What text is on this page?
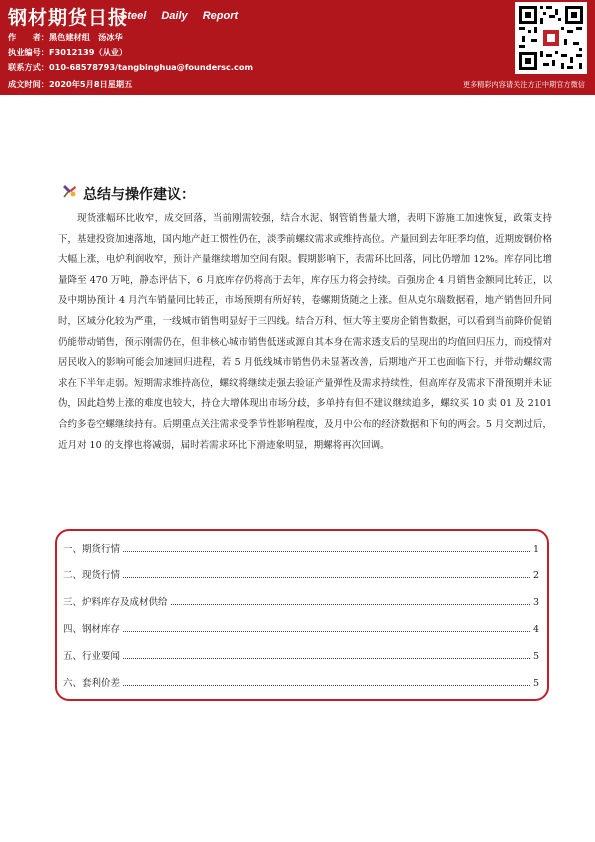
钢材期货日报
Steel Daily Report
作　　者：黑色建材组　汤冰华
执业编号：F3012139（从业）
联系方式：010-68578793/tangbinghua@foundersc.com
成文时间：2020年5月8日星期五	更多精彩内容请关注方正中期官方微信
总结与操作建议：

现货涨幅环比收窄，成交回落，当前刚需较强，结合水泥、钢管销售量大增，表明下游施工加速恢复，政策支持下，基建投资加速落地，国内地产赶工惯性仍在，淡季前螺纹需求或维持高位。产量回到去年旺季均值，近期废钢价格大幅上涨，电炉利润收窄，预计产量继续增加空间有限。假期影响下，表需环比回落，同比仍增加 12%。库存同比增量降至 470 万吨，静态评估下，6 月底库存仍将高于去年，库存压力将会持续。百强房企 4 月销售金额同比转正，以及中期协预计 4 月汽车销量同比转正，市场预期有所好转，卷螺期货随之上涨。但从克尔瑞数据看，地产销售回升同时，区域分化较为严重，一线城市销售明显好于三四线。结合万科、恒大等主要房企销售数据，可以看到当前降价促销仍能带动销售，预示刚需仍在，但非核心城市销售低迷或源自其本身在需求透支后的呈现出的均值回归压力，而疫情对居民收入的影响可能会加速回归进程，若 5 月低线城市销售仍未显著改善，后期地产开工也面临下行，并带动螺纹需求在下半年走弱。短期需求维持高位，螺纹将继续走强去验证产量弹性及需求持续性，但高库存及需求下滑预期并未证伪，因此趋势上涨的难度也较大，持仓大增体现出市场分歧，多单持有但不建议继续追多，螺纹买 10 卖 01 及 2101 合约多卷空螺继续持有。后期重点关注需求受季节性影响程度，及月中公布的经济数据和下旬的两会。5 月交割过后，近月对 10 的支撑也将减弱，届时若需求环比下滑迹象明显，期螺将再次回调。

一、期货行情	1
二、现货行情	2
三、炉料库存及成材供给	3
四、钢材库存	4
五、行业要闻	5
六、套利价差	5
